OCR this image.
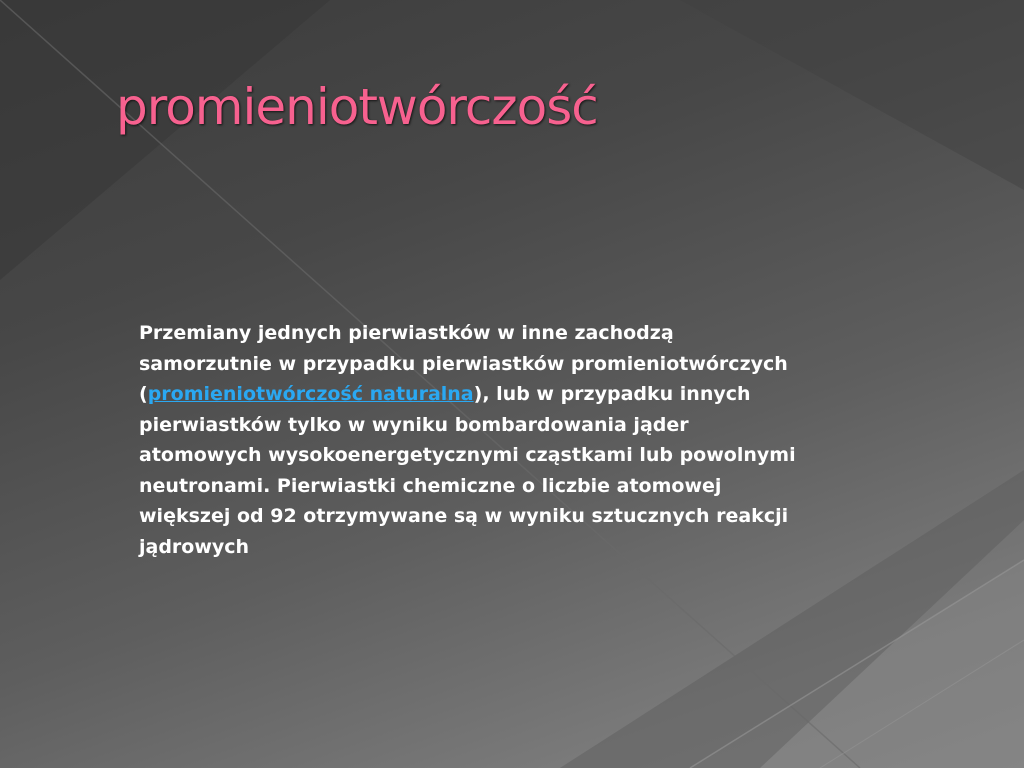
promieniotwórczość

Przemiany jednych pierwiastków w inne zachodzą samorzutnie w przypadku pierwiastków promieniotwórczych (promieniotwórczość naturalna), lub w przypadku innych pierwiastków tylko w wyniku bombardowania jąder atomowych wysokoenergetycznymi cząstkami lub powolnymi neutronami. Pierwiastki chemiczne o liczbie atomowej większej od 92 otrzymywane są w wyniku sztucznych reakcji jądrowych
